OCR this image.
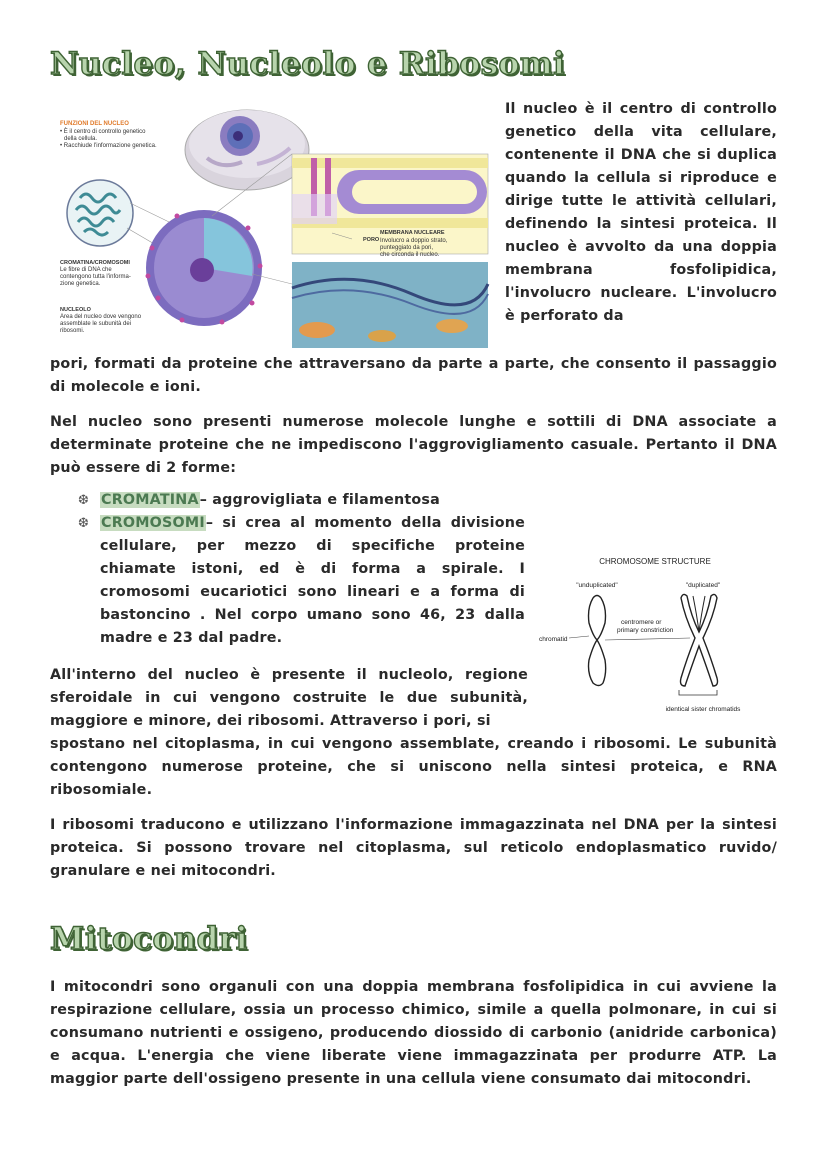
Nucleo, Nucleolo e Ribosomi
PORO
MEMBRANA NUCLEARE
Involucro a doppio strato,
punteggiato da pori,
che circonda il nucleo.
FUNZIONI DEL NUCLEO
• È il centro di controllo genetico
della cellula.
• Racchiude l'informazione genetica.
CROMATINA/CROMOSOMI
Le fibre di DNA che
contengono tutta l'informa-
zione genetica.
NUCLEOLO
Area del nucleo dove vengono
assemblate le subunità dei
ribosomi.

Il nucleo è il centro di controllo genetico della vita cellulare, contenente il DNA che si duplica quando la cellula si riproduce e dirige tutte le attività cellulari, definendo la sintesi proteica. Il nucleo è avvolto da una doppia membrana fosfolipidica, l'involucro nucleare. L'involucro è perforato da

pori, formati da proteine che attraversano da parte a parte, che consento il passaggio di molecole e ioni.

Nel nucleo sono presenti numerose molecole lunghe e sottili di DNA associate a determinate proteine che ne impediscono l'aggrovigliamento casuale. Pertanto il DNA può essere di 2 forme:

❆ CROMATINA– aggrovigliata e filamentosa

❆ CROMOSOMI– si crea al momento della divisione cellulare, per mezzo di specifiche proteine chiamate istoni, ed è di forma a spirale. I cromosomi eucariotici sono lineari e a forma di bastoncino . Nel corpo umano sono 46, 23 dalla madre e 23 dal padre.

CHROMOSOME STRUCTURE
"unduplicated"	"duplicated"
centromere or
primary constriction
chromatid
identical sister chromatids

All'interno del nucleo è presente il nucleolo, regione sferoidale in cui vengono costruite le due subunità, maggiore e minore, dei ribosomi. Attraverso i pori, si

spostano nel citoplasma, in cui vengono assemblate, creando i ribosomi. Le subunità contengono numerose proteine, che si uniscono nella sintesi proteica, e RNA ribosomiale.

I ribosomi traducono e utilizzano l'informazione immagazzinata nel DNA per la sintesi proteica. Si possono trovare nel citoplasma, sul reticolo endoplasmatico ruvido/ granulare e nei mitocondri.

Mitocondri

I mitocondri sono organuli con una doppia membrana fosfolipidica in cui avviene la respirazione cellulare, ossia un processo chimico, simile a quella polmonare, in cui si consumano nutrienti e ossigeno, producendo diossido di carbonio (anidride carbonica) e acqua. L'energia che viene liberate viene immagazzinata per produrre ATP. La maggior parte dell'ossigeno presente in una cellula viene consumato dai mitocondri.
